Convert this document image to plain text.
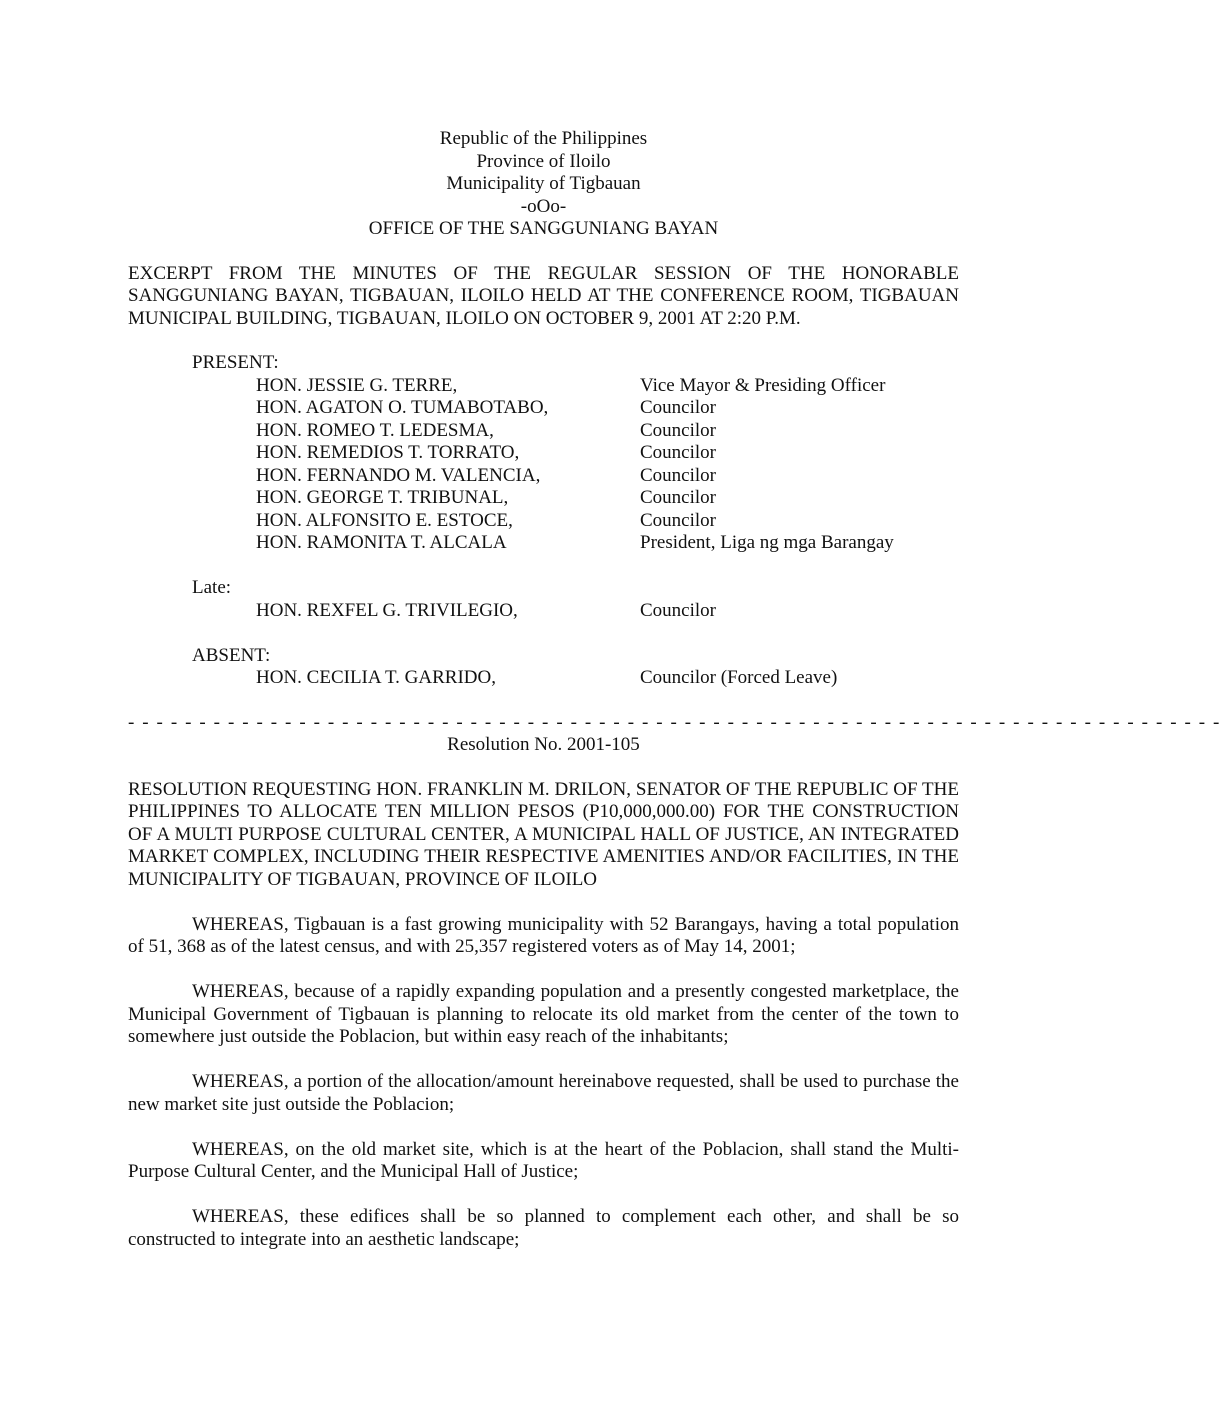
Republic of the Philippines
Province of Iloilo
Municipality of Tigbauan
-oOo-
OFFICE OF THE SANGGUNIANG BAYAN
EXCERPT FROM THE MINUTES OF THE REGULAR SESSION OF THE HONORABLE SANGGUNIANG BAYAN, TIGBAUAN, ILOILO HELD AT THE CONFERENCE ROOM, TIGBAUAN MUNICIPAL BUILDING, TIGBAUAN, ILOILO ON OCTOBER 9, 2001 AT 2:20 P.M.
PRESENT:
HON. JESSIE G. TERRE,	Vice Mayor & Presiding Officer
HON. AGATON O. TUMABOTABO,	Councilor
HON. ROMEO T. LEDESMA,	Councilor
HON. REMEDIOS T. TORRATO,	Councilor
HON. FERNANDO M. VALENCIA,	Councilor
HON. GEORGE T. TRIBUNAL,	Councilor
HON. ALFONSITO E. ESTOCE,	Councilor
HON. RAMONITA T. ALCALA	President, Liga ng mga Barangay
Late:
HON. REXFEL G. TRIVILEGIO,	Councilor
ABSENT:
HON. CECILIA T. GARRIDO,	Councilor (Forced Leave)
- - - - - - - - - - - - - - - - - - - - - - - - - - - - - - - - - - - - - - - - - - - - - - - - - - - - - - - - - - - - - - - - - - - - - - - - - - - - -
Resolution No. 2001-105
RESOLUTION REQUESTING HON. FRANKLIN M. DRILON, SENATOR OF THE REPUBLIC OF THE PHILIPPINES TO ALLOCATE TEN MILLION PESOS (P10,000,000.00) FOR THE CONSTRUCTION OF A MULTI PURPOSE CULTURAL CENTER, A MUNICIPAL HALL OF JUSTICE, AN INTEGRATED MARKET COMPLEX, INCLUDING THEIR RESPECTIVE AMENITIES AND/OR FACILITIES, IN THE MUNICIPALITY OF TIGBAUAN, PROVINCE OF ILOILO
WHEREAS, Tigbauan is a fast growing municipality with 52 Barangays, having a total population of 51, 368 as of the latest census, and with 25,357 registered voters as of May 14, 2001;
WHEREAS, because of a rapidly expanding population and a presently congested marketplace, the Municipal Government of Tigbauan is planning to relocate its old market from the center of the town to somewhere just outside the Poblacion, but within easy reach of the inhabitants;
WHEREAS, a portion of the allocation/amount hereinabove requested, shall be used to purchase the new market site just outside the Poblacion;
WHEREAS, on the old market site, which is at the heart of the Poblacion, shall stand the Multi-Purpose Cultural Center, and the Municipal Hall of Justice;
WHEREAS, these edifices shall be so planned to complement each other, and shall be so constructed to integrate into an aesthetic landscape;
